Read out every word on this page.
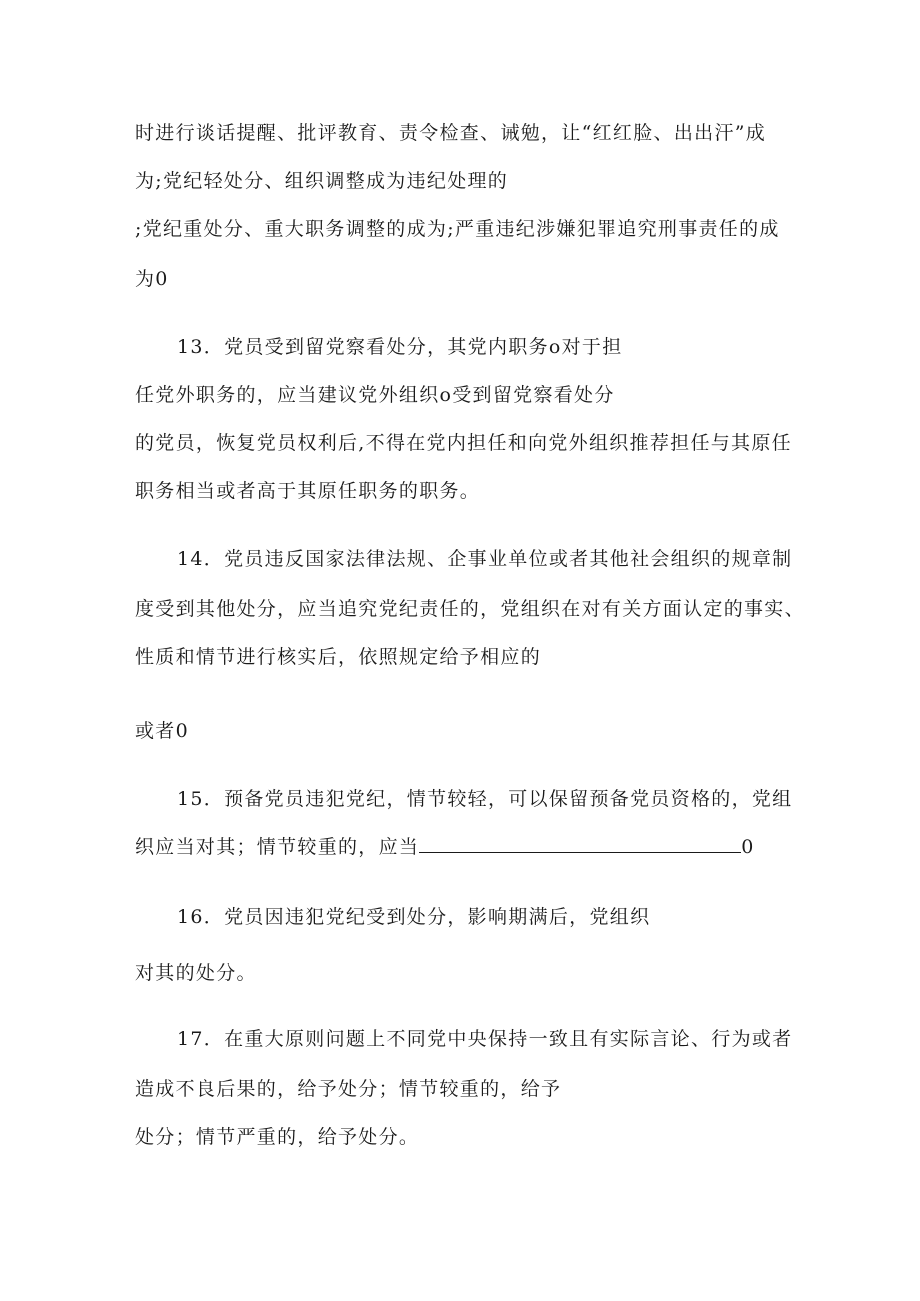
时进行谈话提醒、批评教育、责令检查、诫勉，让“红红脸、出出汗”成
为;党纪轻处分、组织调整成为违纪处理的
;党纪重处分、重大职务调整的成为;严重违纪涉嫌犯罪追究刑事责任的成
为0
13．党员受到留党察看处分，其党内职务o对于担
任党外职务的，应当建议党外组织o受到留党察看处分
的党员，恢复党员权利后,不得在党内担任和向党外组织推荐担任与其原任
职务相当或者高于其原任职务的职务。
14．党员违反国家法律法规、企事业单位或者其他社会组织的规章制
度受到其他处分，应当追究党纪责任的，党组织在对有关方面认定的事实、
性质和情节进行核实后，依照规定给予相应的
或者0
15．预备党员违犯党纪，情节较轻，可以保留预备党员资格的，党组
织应当对其；情节较重的，应当	0
16．党员因违犯党纪受到处分，影响期满后，党组织
对其的处分。
17．在重大原则问题上不同党中央保持一致且有实际言论、行为或者
造成不良后果的，给予处分；情节较重的，给予
处分；情节严重的，给予处分。
